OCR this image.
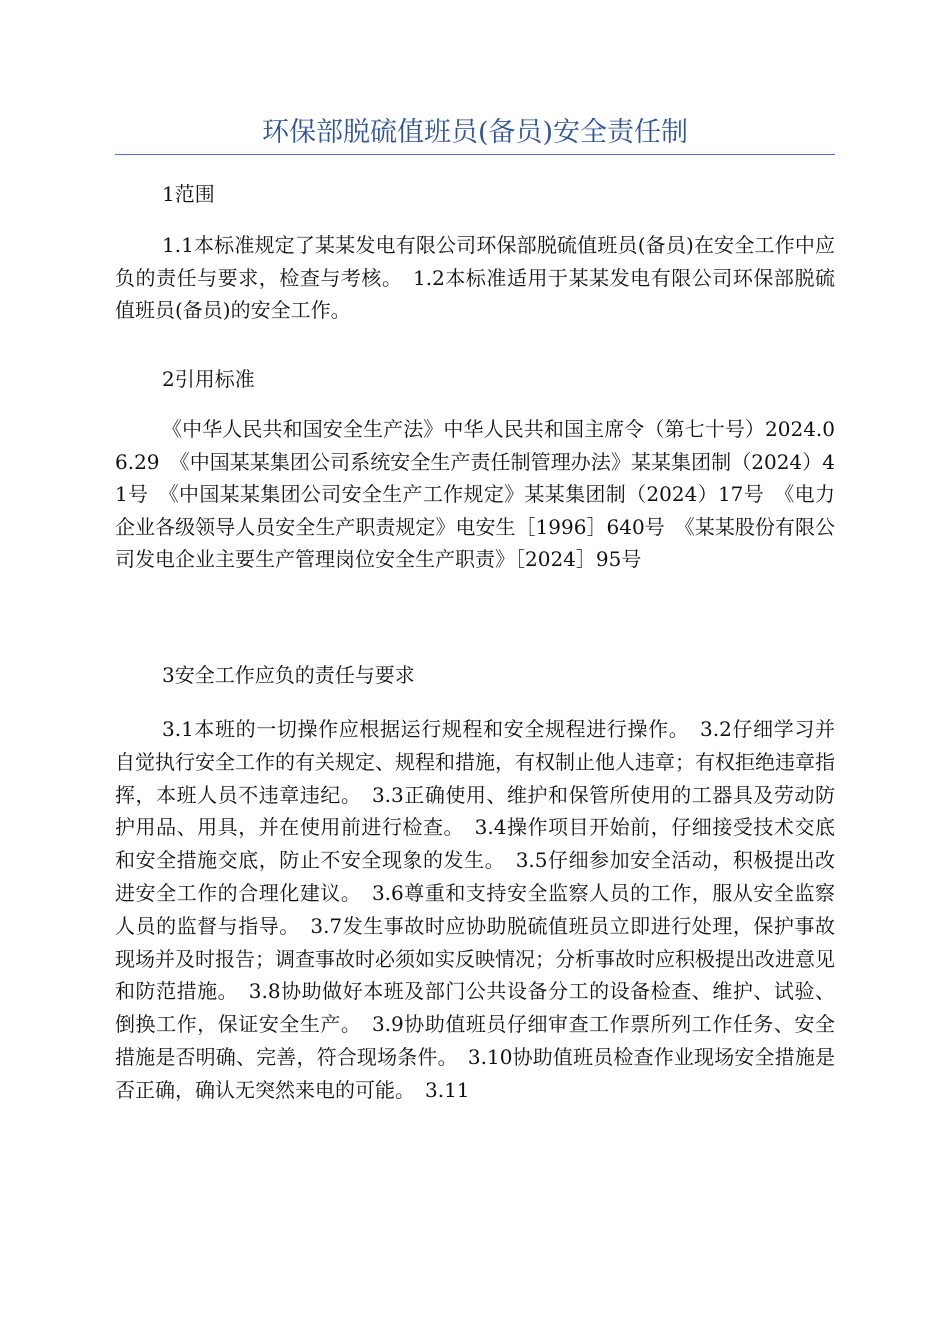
环保部脱硫值班员(备员)安全责任制
1范围
1.1本标准规定了某某发电有限公司环保部脱硫值班员(备员)在安全工作中应负的责任与要求，检查与考核。　1.2本标准适用于某某发电有限公司环保部脱硫值班员(备员)的安全工作。
2引用标准
《中华人民共和国安全生产法》中华人民共和国主席令（第七十号）2024.06.29　《中国某某集团公司系统安全生产责任制管理办法》某某集团制（2024）41号　《中国某某集团公司安全生产工作规定》某某集团制（2024）17号　《电力企业各级领导人员安全生产职责规定》电安生［1996］640号　《某某股份有限公司发电企业主要生产管理岗位安全生产职责》［2024］95号
3安全工作应负的责任与要求
3.1本班的一切操作应根据运行规程和安全规程进行操作。　3.2仔细学习并自觉执行安全工作的有关规定、规程和措施，有权制止他人违章；有权拒绝违章指挥，本班人员不违章违纪。　3.3正确使用、维护和保管所使用的工器具及劳动防护用品、用具，并在使用前进行检查。　3.4操作项目开始前，仔细接受技术交底和安全措施交底，防止不安全现象的发生。　3.5仔细参加安全活动，积极提出改进安全工作的合理化建议。　3.6尊重和支持安全监察人员的工作，服从安全监察人员的监督与指导。　3.7发生事故时应协助脱硫值班员立即进行处理，保护事故现场并及时报告；调查事故时必须如实反映情况；分析事故时应积极提出改进意见和防范措施。　3.8协助做好本班及部门公共设备分工的设备检查、维护、试验、倒换工作，保证安全生产。　3.9协助值班员仔细审查工作票所列工作任务、安全措施是否明确、完善，符合现场条件。　3.10协助值班员检查作业现场安全措施是否正确，确认无突然来电的可能。　3.11
